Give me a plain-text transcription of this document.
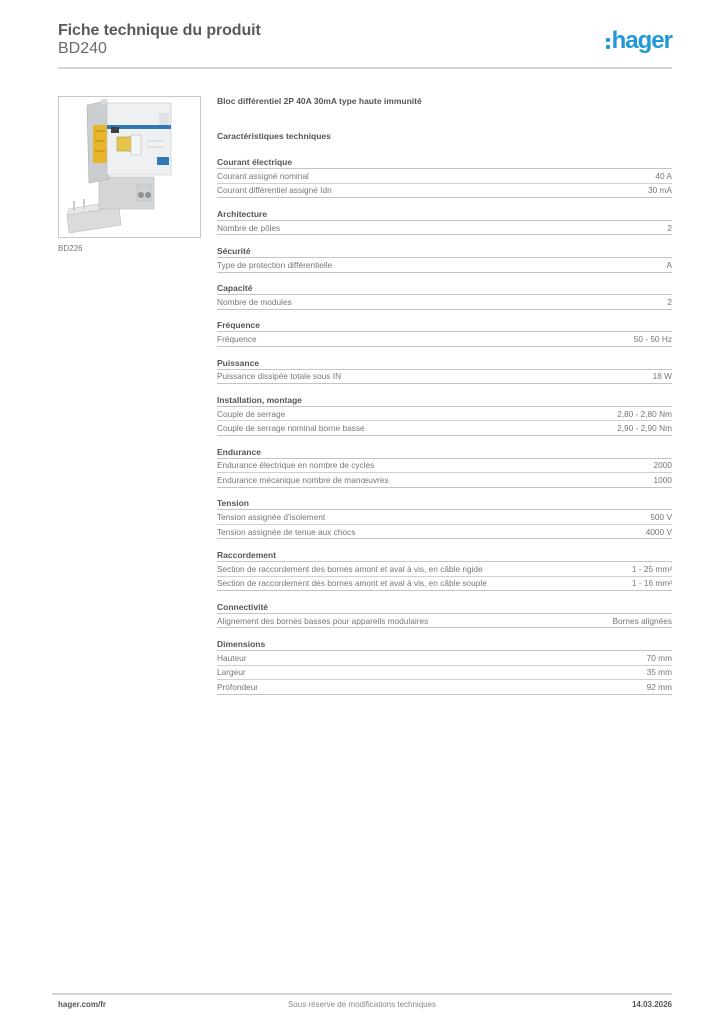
Fiche technique du produit
BD240	hager
BD226
Bloc différentiel 2P 40A 30mA type haute immunité
Caractéristiques techniques
Courant électrique
Courant assigné nominal	40 A
Courant différentiel assigné Idn	30 mA
Architecture
Nombre de pôles	2
Sécurité
Type de protection différentielle	A
Capacité
Nombre de modules	2
Fréquence
Fréquence	50 - 50 Hz
Puissance
Puissance dissipée totale sous IN	18 W
Installation, montage
Couple de serrage	2,80 - 2,80 Nm
Couple de serrage nominal borne basse	2,90 - 2,90 Nm
Endurance
Endurance électrique en nombre de cycles	2000
Endurance mécanique nombre de manœuvres	1000
Tension
Tension assignée d'isolement	500 V
Tension assignée de tenue aux chocs	4000 V
Raccordement
Section de raccordement des bornes amont et aval à vis, en câble rigide	1 - 25 mm²
Section de raccordement des bornes amont et aval à vis, en câble souple	1 - 16 mm²
Connectivité
Alignement des bornes basses pour appareils modulaires	Bornes alignées
Dimensions
Hauteur	70 mm
Largeur	35 mm
Profondeur	92 mm
hager.com/fr	Sous réserve de modifications techniques	14.03.2026
